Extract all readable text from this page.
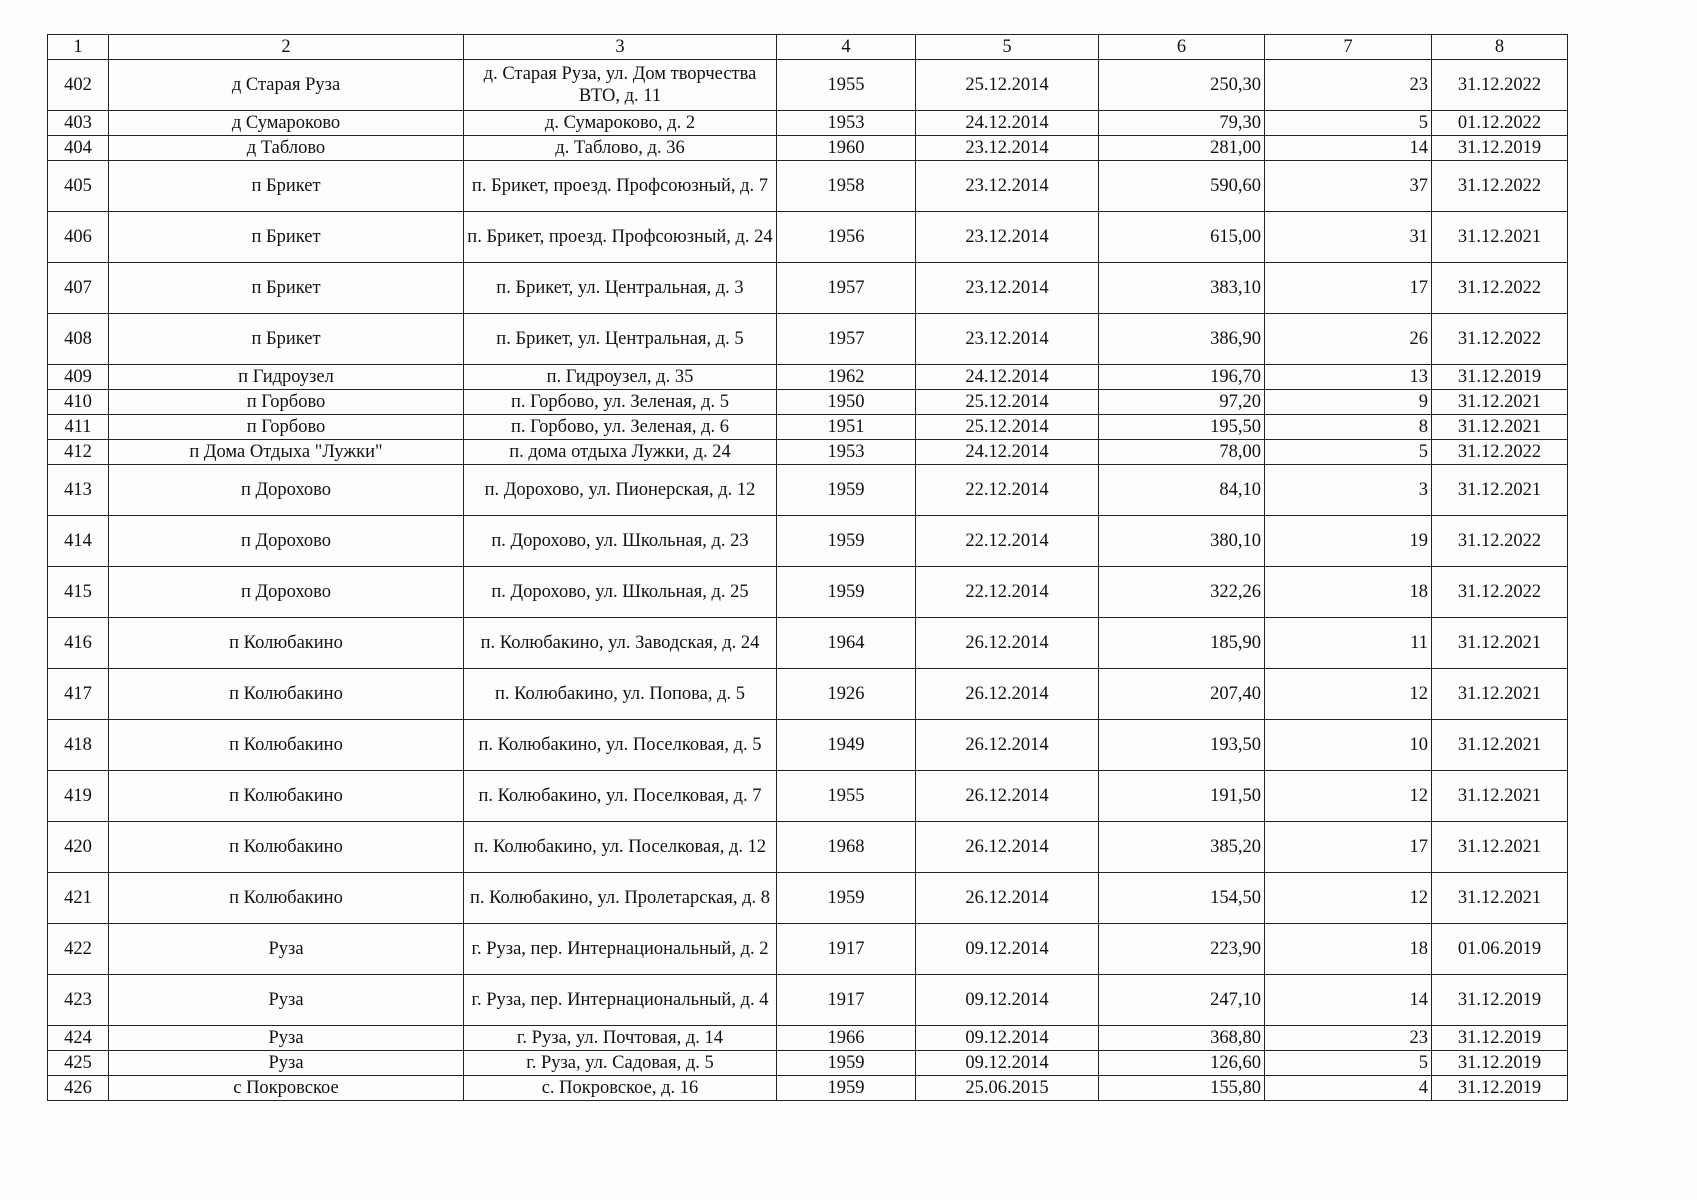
1	2	3	4	5	6	7	8
402	д Старая Руза	д. Старая Руза, ул. Дом творчества ВТО, д. 11	1955	25.12.2014	250,30	23	31.12.2022
403	д Сумароково	д. Сумароково, д. 2	1953	24.12.2014	79,30	5	01.12.2022
404	д Таблово	д. Таблово, д. 36	1960	23.12.2014	281,00	14	31.12.2019
405	п Брикет	п. Брикет, проезд. Профсоюзный, д. 7	1958	23.12.2014	590,60	37	31.12.2022
406	п Брикет	п. Брикет, проезд. Профсоюзный, д. 24	1956	23.12.2014	615,00	31	31.12.2021
407	п Брикет	п. Брикет, ул. Центральная, д. 3	1957	23.12.2014	383,10	17	31.12.2022
408	п Брикет	п. Брикет, ул. Центральная, д. 5	1957	23.12.2014	386,90	26	31.12.2022
409	п Гидроузел	п. Гидроузел, д. 35	1962	24.12.2014	196,70	13	31.12.2019
410	п Горбово	п. Горбово, ул. Зеленая, д. 5	1950	25.12.2014	97,20	9	31.12.2021
411	п Горбово	п. Горбово, ул. Зеленая, д. 6	1951	25.12.2014	195,50	8	31.12.2021
412	п Дома Отдыха "Лужки"	п. дома отдыха Лужки, д. 24	1953	24.12.2014	78,00	5	31.12.2022
413	п Дорохово	п. Дорохово, ул. Пионерская, д. 12	1959	22.12.2014	84,10	3	31.12.2021
414	п Дорохово	п. Дорохово, ул. Школьная, д. 23	1959	22.12.2014	380,10	19	31.12.2022
415	п Дорохово	п. Дорохово, ул. Школьная, д. 25	1959	22.12.2014	322,26	18	31.12.2022
416	п Колюбакино	п. Колюбакино, ул. Заводская, д. 24	1964	26.12.2014	185,90	11	31.12.2021
417	п Колюбакино	п. Колюбакино, ул. Попова, д. 5	1926	26.12.2014	207,40	12	31.12.2021
418	п Колюбакино	п. Колюбакино, ул. Поселковая, д. 5	1949	26.12.2014	193,50	10	31.12.2021
419	п Колюбакино	п. Колюбакино, ул. Поселковая, д. 7	1955	26.12.2014	191,50	12	31.12.2021
420	п Колюбакино	п. Колюбакино, ул. Поселковая, д. 12	1968	26.12.2014	385,20	17	31.12.2021
421	п Колюбакино	п. Колюбакино, ул. Пролетарская, д. 8	1959	26.12.2014	154,50	12	31.12.2021
422	Руза	г. Руза, пер. Интернациональный, д. 2	1917	09.12.2014	223,90	18	01.06.2019
423	Руза	г. Руза, пер. Интернациональный, д. 4	1917	09.12.2014	247,10	14	31.12.2019
424	Руза	г. Руза, ул. Почтовая, д. 14	1966	09.12.2014	368,80	23	31.12.2019
425	Руза	г. Руза, ул. Садовая, д. 5	1959	09.12.2014	126,60	5	31.12.2019
426	с Покровское	с. Покровское, д. 16	1959	25.06.2015	155,80	4	31.12.2019
